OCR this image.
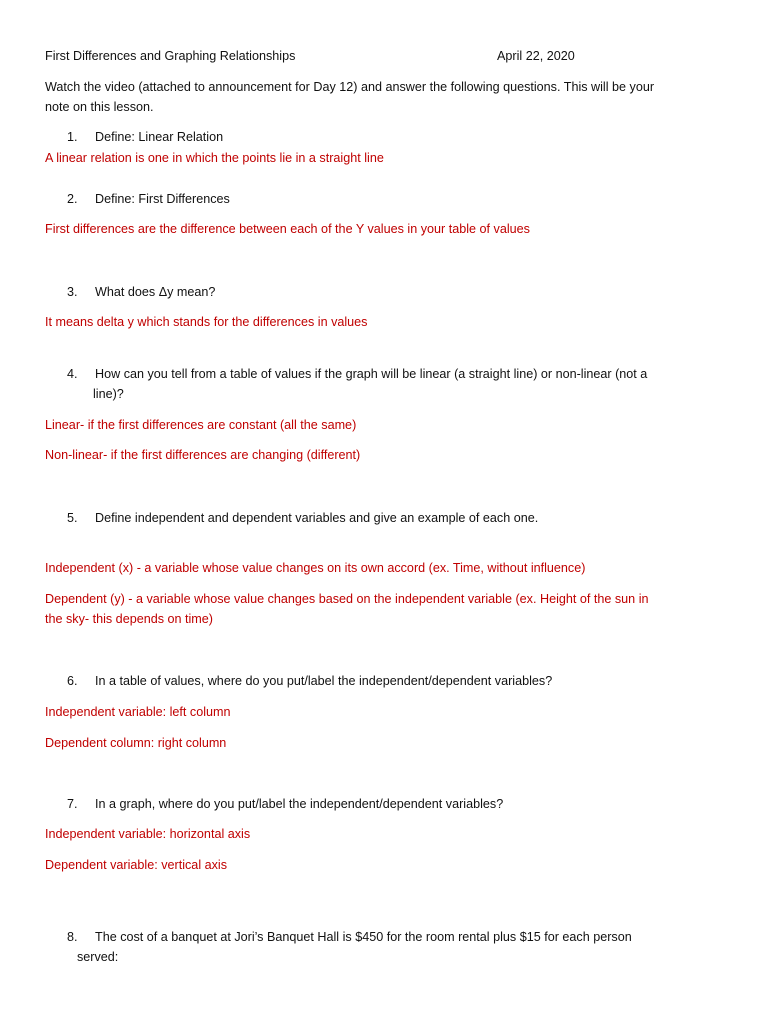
First Differences and Graphing Relationships	April 22, 2020
Watch the video (attached to announcement for Day 12) and answer the following questions. This will be your
note on this lesson.
1. Define: Linear Relation
A linear relation is one in which the points lie in a straight line
2. Define: First Differences
First differences are the difference between each of the Y values in your table of values
3. What does Δy mean?
It means delta y which stands for the differences in values
4. How can you tell from a table of values if the graph will be linear (a straight line) or non-linear (not a
line)?
Linear- if the first differences are constant (all the same)
Non-linear- if the first differences are changing (different)
5. Define independent and dependent variables and give an example of each one.
Independent (x) - a variable whose value changes on its own accord (ex. Time, without influence)
Dependent (y) - a variable whose value changes based on the independent variable (ex. Height of the sun in
the sky- this depends on time)
6. In a table of values, where do you put/label the independent/dependent variables?
Independent variable: left column
Dependent column: right column
7. In a graph, where do you put/label the independent/dependent variables?
Independent variable: horizontal axis
Dependent variable: vertical axis
8. The cost of a banquet at Jori’s Banquet Hall is $450 for the room rental plus $15 for each person
served:
